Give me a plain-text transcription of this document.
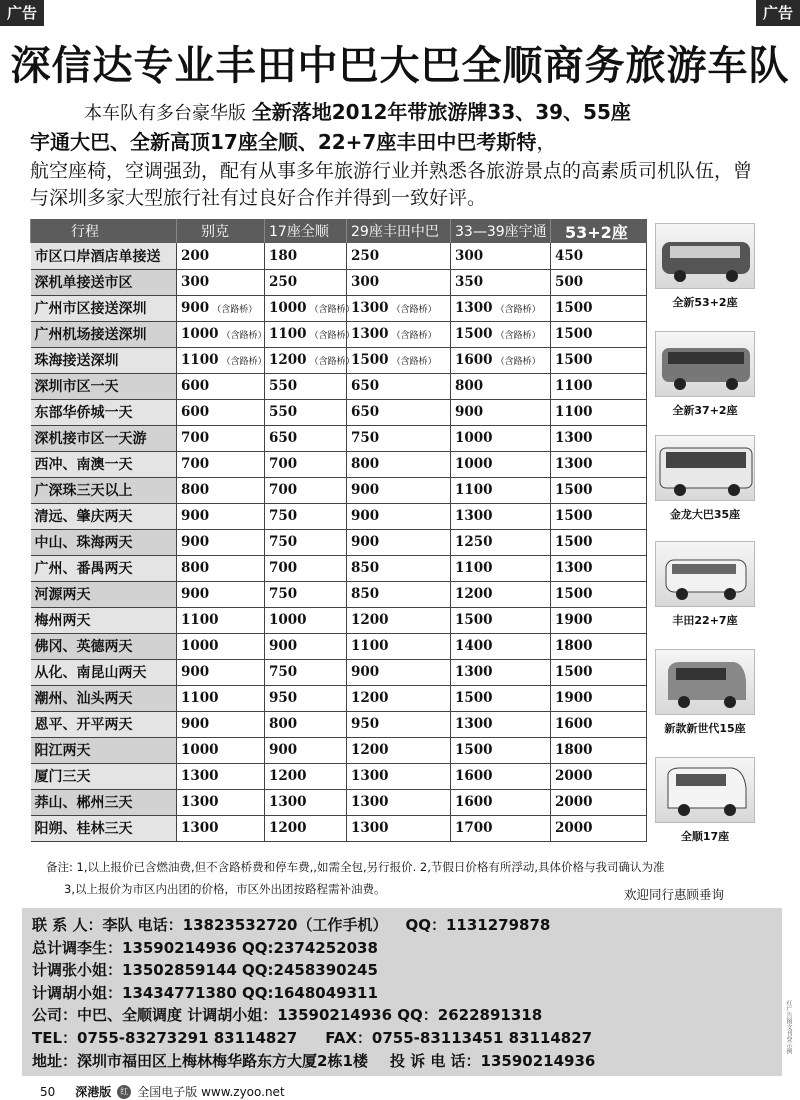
广告	广告
深信达专业丰田中巴大巴全顺商务旅游车队
本车队有多台豪华版 全新落地2012年带旅游牌33、39、55座
宇通大巴、全新高顶17座全顺、22+7座丰田中巴考斯特，
航空座椅，空调强劲，配有从事多年旅游行业并熟悉各旅游景点的高素质司机队伍，曾与深圳多家大型旅行社有过良好合作并得到一致好评。
行程	别克	17座全顺	29座丰田中巴	33—39座宇通	53+2座
市区口岸酒店单接送	200	180	250	300	450
深机单接送市区	300	250	300	350	500
广州市区接送深圳	900 （含路桥）	1000 （含路桥）	1300 （含路桥）	1300 （含路桥）	1500
广州机场接送深圳	1000 （含路桥）	1100 （含路桥）	1300 （含路桥）	1500 （含路桥）	1500
珠海接送深圳	1100 （含路桥）	1200 （含路桥）	1500 （含路桥）	1600 （含路桥）	1500
深圳市区一天	600	550	650	800	1100
东部华侨城一天	600	550	650	900	1100
深机接市区一天游	700	650	750	1000	1300
西冲、南澳一天	700	700	800	1000	1300
广深珠三天以上	800	700	900	1100	1500
清远、肇庆两天	900	750	900	1300	1500
中山、珠海两天	900	750	900	1250	1500
广州、番禺两天	800	700	850	1100	1300
河源两天	900	750	850	1200	1500
梅州两天	1100	1000	1200	1500	1900
佛冈、英德两天	1000	900	1100	1400	1800
从化、南昆山两天	900	750	900	1300	1500
潮州、汕头两天	1100	950	1200	1500	1900
恩平、开平两天	900	800	950	1300	1600
阳江两天	1000	900	1200	1500	1800
厦门三天	1300	1200	1300	1600	2000
莽山、郴州三天	1300	1300	1300	1600	2000
阳朔、桂林三天	1300	1200	1300	1700	2000
全新53+2座
全新37+2座
金龙大巴35座
丰田22+7座
新款新世代15座
全顺17座
备注: 1,以上报价已含燃油费,但不含路桥费和停车费,,如需全包,另行报价. 2,节假日价格有所浮动,具体价格与我司确认为准
3,以上报价为市区内出团的价格，市区外出团按路程需补油费。	欢迎同行惠顾垂询
联 系 人：李队 电话：13823532720（工作手机） QQ：1131279878
总计调李生：13590214936 QQ:2374252038
计调张小姐：13502859144 QQ:2458390245
计调胡小姐：13434771380 QQ:1648049311
公司：中巴、全顺调度 计调胡小姐：13590214936 QQ：2622891318
TEL：0755-83273291 83114827 FAX：0755-83113451 83114827
地址：深圳市福田区上梅林梅华路东方大厦2栋1楼 投 诉 电 话：13590214936
红广告图文刊登示例
50 深港版	红 全国电子版 www.zyoo.net
